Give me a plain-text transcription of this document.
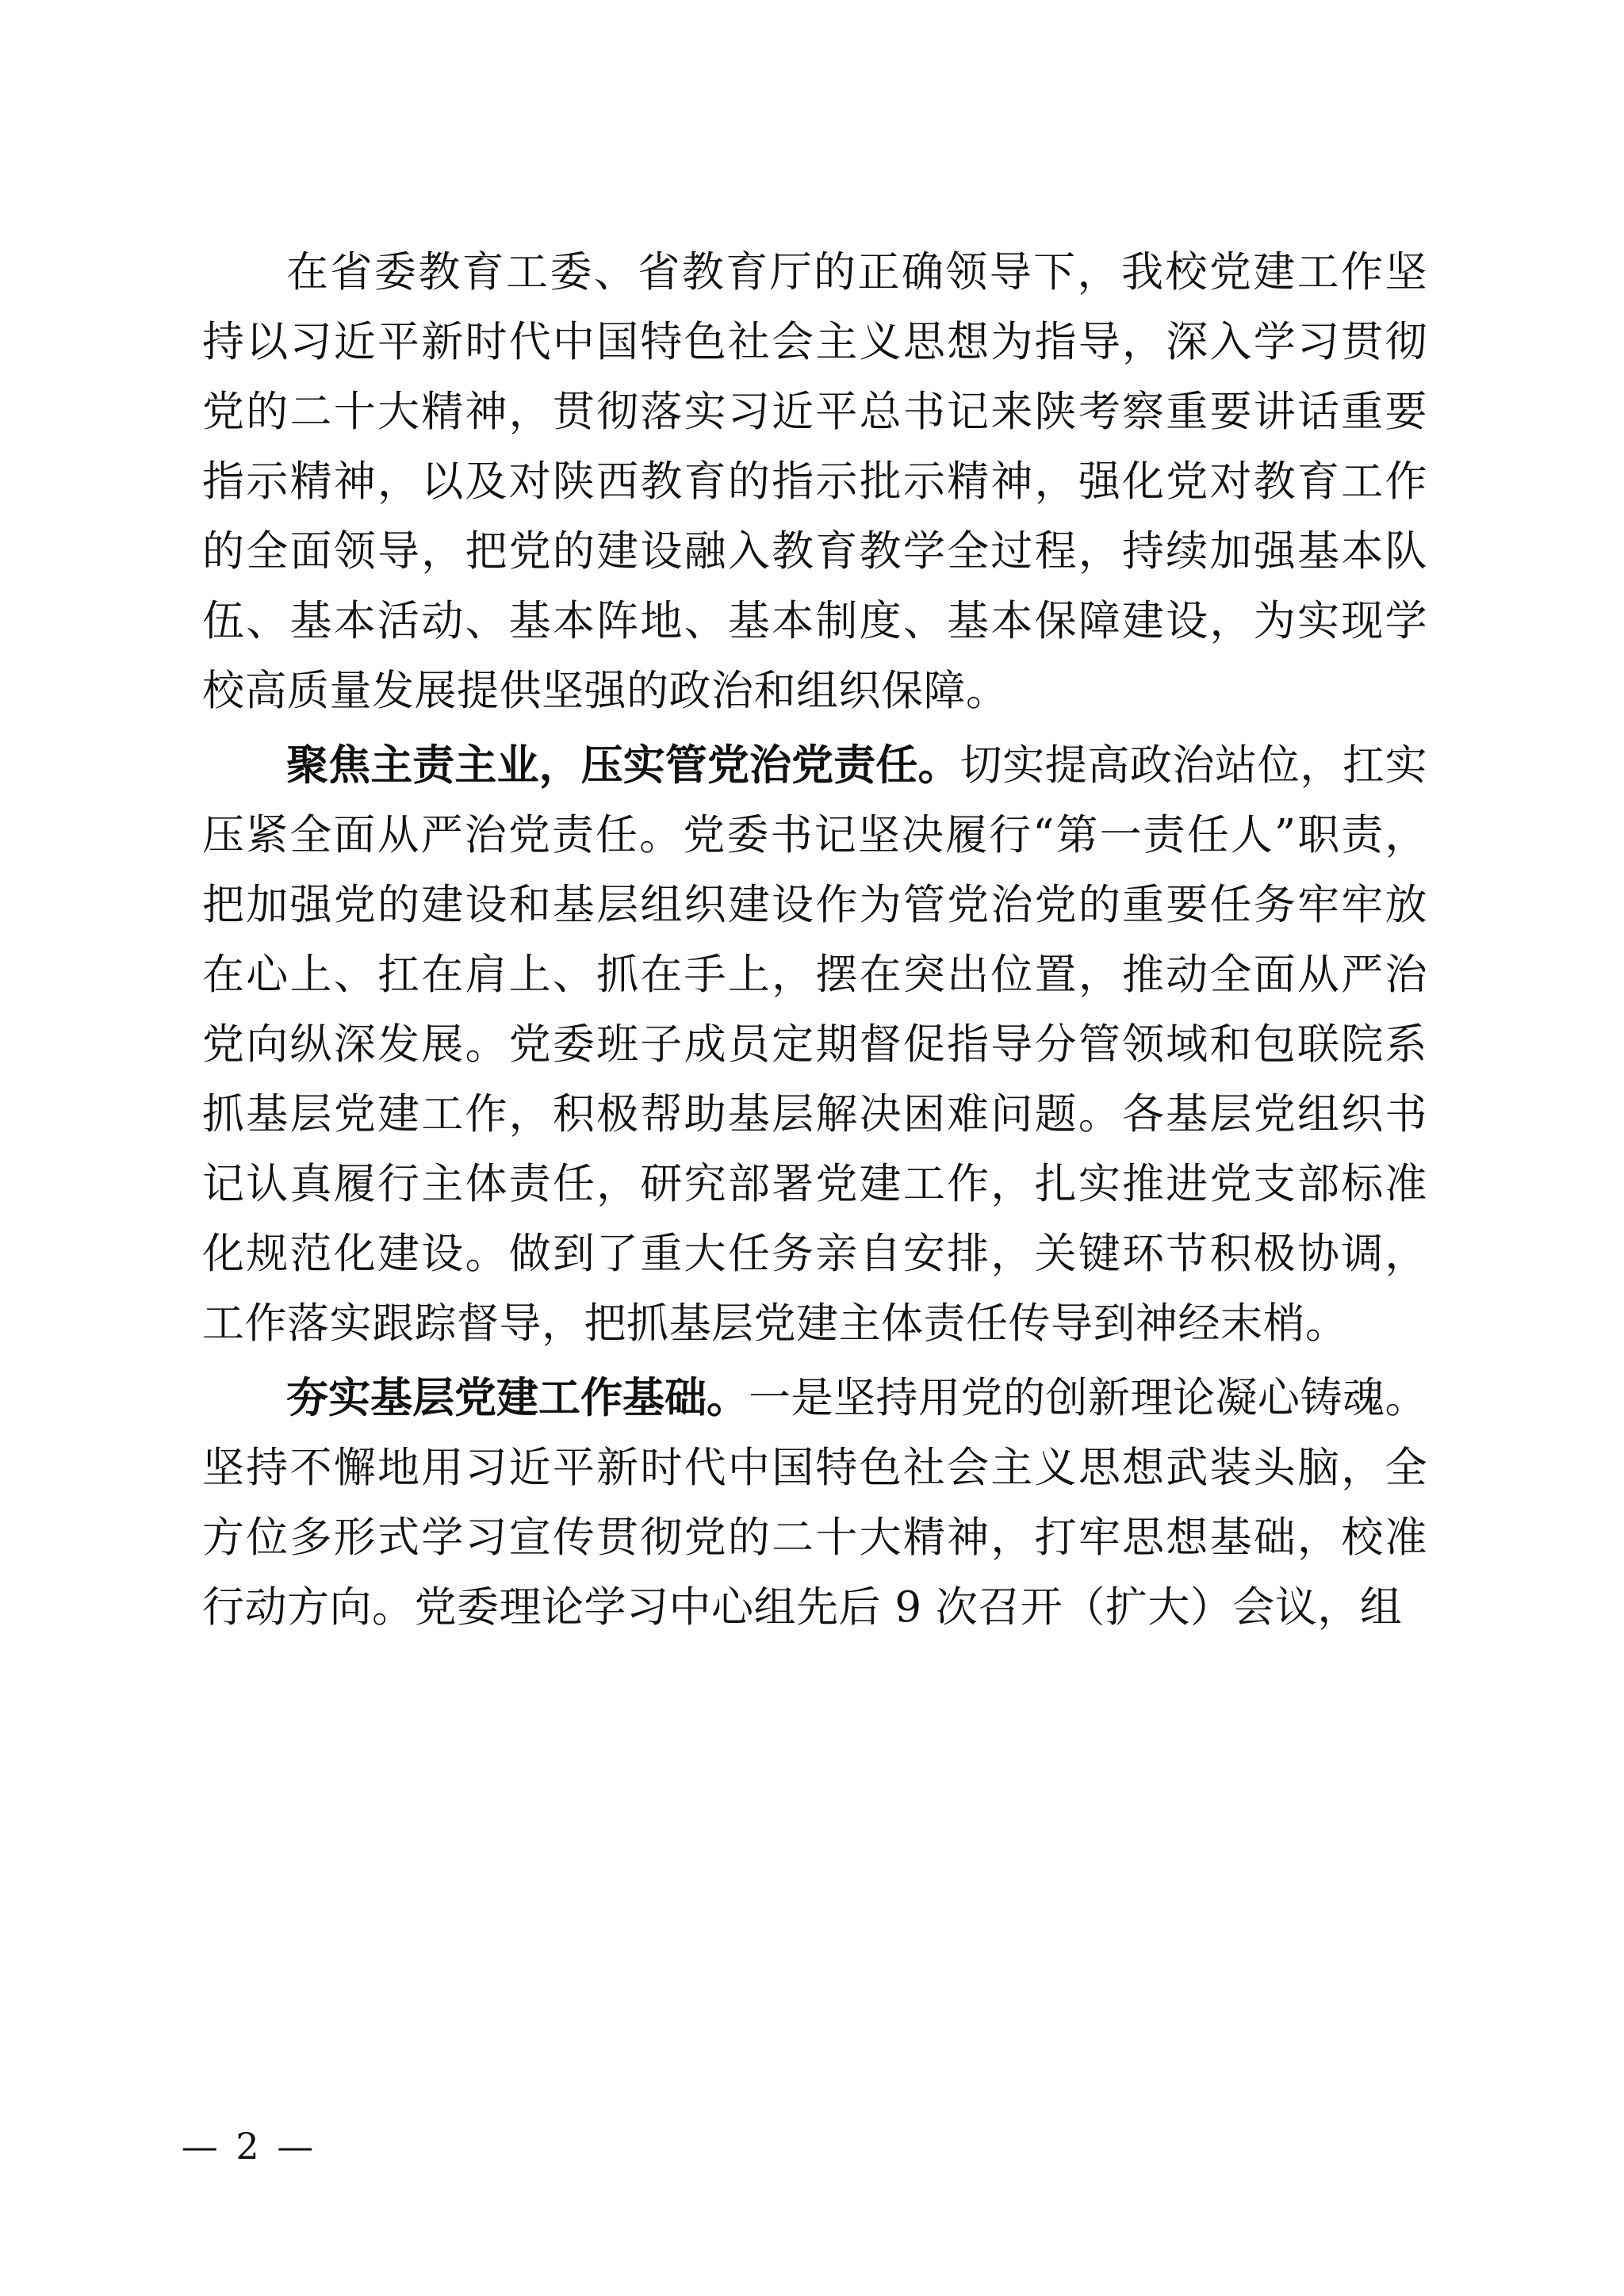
在省委教育工委、省教育厅的正确领导下，我校党建工作坚持以习近平新时代中国特色社会主义思想为指导，深入学习贯彻党的二十大精神，贯彻落实习近平总书记来陕考察重要讲话重要指示精神，以及对陕西教育的指示批示精神，强化党对教育工作的全面领导，把党的建设融入教育教学全过程，持续加强基本队伍、基本活动、基本阵地、基本制度、基本保障建设，为实现学校高质量发展提供坚强的政治和组织保障。

聚焦主责主业，压实管党治党责任。切实提高政治站位，扛实压紧全面从严治党责任。党委书记坚决履行“第一责任人”职责，把加强党的建设和基层组织建设作为管党治党的重要任务牢牢放在心上、扛在肩上、抓在手上，摆在突出位置，推动全面从严治党向纵深发展。党委班子成员定期督促指导分管领域和包联院系抓基层党建工作，积极帮助基层解决困难问题。各基层党组织书记认真履行主体责任，研究部署党建工作，扎实推进党支部标准化规范化建设。做到了重大任务亲自安排，关键环节积极协调，工作落实跟踪督导，把抓基层党建主体责任传导到神经末梢。

夯实基层党建工作基础。一是坚持用党的创新理论凝心铸魂。坚持不懈地用习近平新时代中国特色社会主义思想武装头脑，全方位多形式学习宣传贯彻党的二十大精神，打牢思想基础，校准行动方向。党委理论学习中心组先后 9 次召开（扩大）会议，组

— 2 —
